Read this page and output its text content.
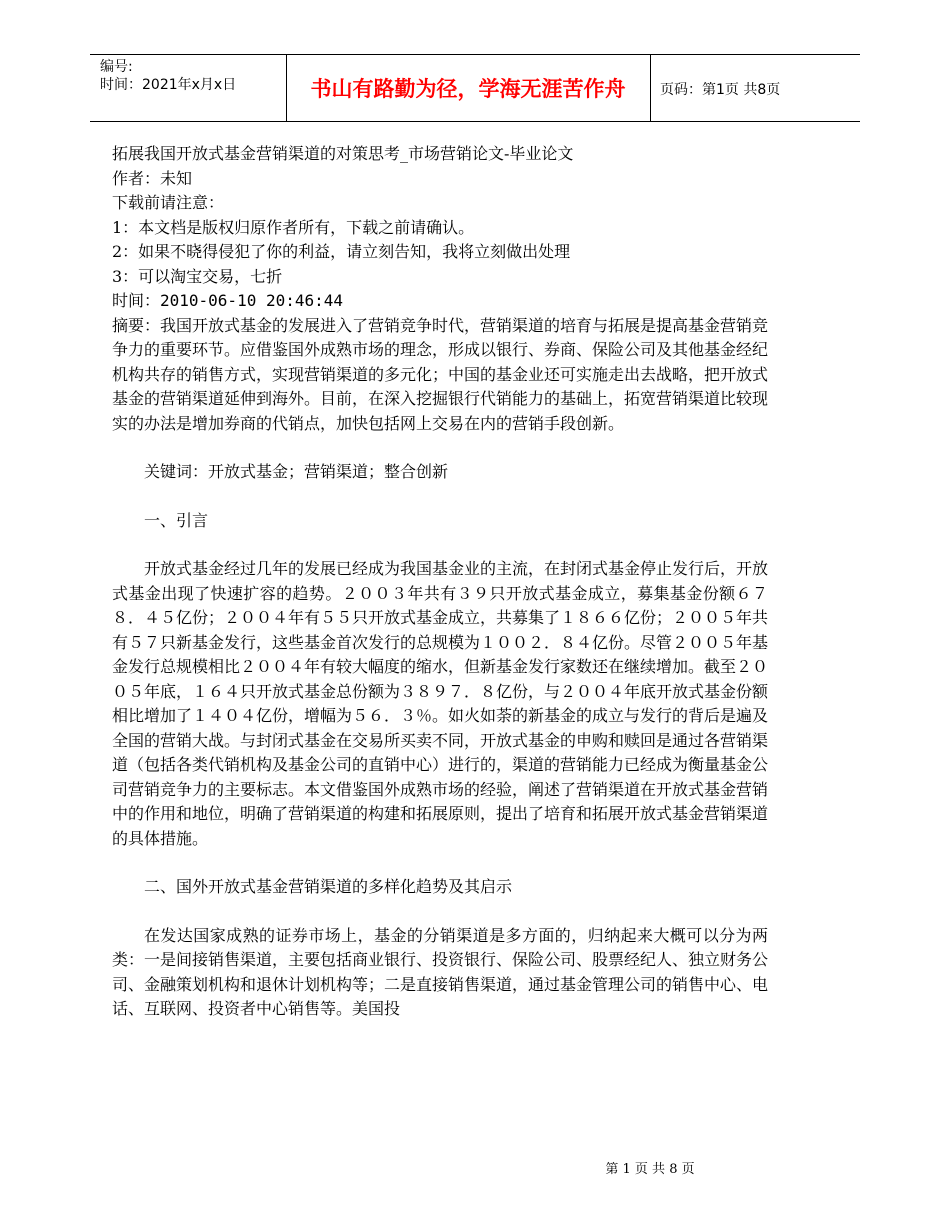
编号:
时间：2021年x月x日	书山有路勤为径，学海无涯苦作舟	页码：第1页 共8页

拓展我国开放式基金营销渠道的对策思考_市场营销论文-毕业论文

作者：未知

下载前请注意：

1：本文档是版权归原作者所有，下载之前请确认。

2：如果不晓得侵犯了你的利益，请立刻告知，我将立刻做出处理

3：可以淘宝交易，七折

时间：2010-06-10 20:46:44

摘要：我国开放式基金的发展进入了营销竞争时代，营销渠道的培育与拓展是提高基金营销竞争力的重要环节。应借鉴国外成熟市场的理念，形成以银行、券商、保险公司及其他基金经纪机构共存的销售方式，实现营销渠道的多元化；中国的基金业还可实施走出去战略，把开放式基金的营销渠道延伸到海外。目前，在深入挖掘银行代销能力的基础上，拓宽营销渠道比较现实的办法是增加券商的代销点，加快包括网上交易在内的营销手段创新。

关键词：开放式基金；营销渠道；整合创新

一、引言

开放式基金经过几年的发展已经成为我国基金业的主流，在封闭式基金停止发行后，开放式基金出现了快速扩容的趋势。２００３年共有３９只开放式基金成立，募集基金份额６７８．４５亿份；２００４年有５５只开放式基金成立，共募集了１８６６亿份；２００５年共有５７只新基金发行，这些基金首次发行的总规模为１００２．８４亿份。尽管２００５年基金发行总规模相比２００４年有较大幅度的缩水，但新基金发行家数还在继续增加。截至２００５年底，１６４只开放式基金总份额为３８９７．８亿份，与２００４年底开放式基金份额相比增加了１４０４亿份，增幅为５６．３％。如火如荼的新基金的成立与发行的背后是遍及全国的营销大战。与封闭式基金在交易所买卖不同，开放式基金的申购和赎回是通过各营销渠道（包括各类代销机构及基金公司的直销中心）进行的，渠道的营销能力已经成为衡量基金公司营销竞争力的主要标志。本文借鉴国外成熟市场的经验，阐述了营销渠道在开放式基金营销中的作用和地位，明确了营销渠道的构建和拓展原则，提出了培育和拓展开放式基金营销渠道的具体措施。

二、国外开放式基金营销渠道的多样化趋势及其启示

在发达国家成熟的证券市场上，基金的分销渠道是多方面的，归纳起来大概可以分为两类：一是间接销售渠道，主要包括商业银行、投资银行、保险公司、股票经纪人、独立财务公司、金融策划机构和退休计划机构等；二是直接销售渠道，通过基金管理公司的销售中心、电话、互联网、投资者中心销售等。美国投

第 1 页 共 8 页
